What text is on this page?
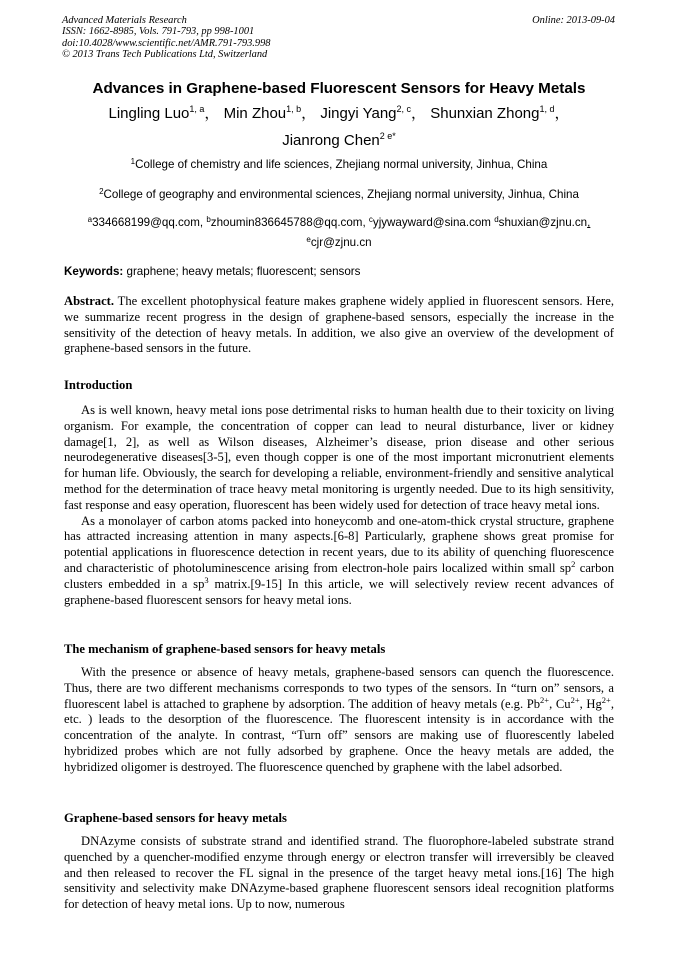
Advanced Materials Research
ISSN: 1662-8985, Vols. 791-793, pp 998-1001
doi:10.4028/www.scientific.net/AMR.791-793.998
© 2013 Trans Tech Publications Ltd, Switzerland
Online: 2013-09-04
Advances in Graphene-based Fluorescent Sensors for Heavy Metals
Lingling Luo$^{1, a}$， Min Zhou$^{1, b}$， Jingyi Yang$^{2, c}$， Shunxian Zhong$^{1, d}$，
Jianrong Chen$^{2 e*}$
$^1$College of chemistry and life sciences, Zhejiang normal university, Jinhua, China
$^2$College of geography and environmental sciences, Zhejiang normal university, Jinhua, China
$^a$334668199@qq.com, $^b$zhoumin836645788@qq.com, $^c$yjywayward@sina.com $^d$shuxian@zjnu.cn,
$^e$cjr@zjnu.cn
Keywords: graphene; heavy metals; fluorescent; sensors

Abstract. The excellent photophysical feature makes graphene widely applied in fluorescent sensors. Here, we summarize recent progress in the design of graphene-based sensors, especially the increase in the sensitivity of the detection of heavy metals. In addition, we also give an overview of the development of graphene-based sensors in the future.

Introduction

As is well known, heavy metal ions pose detrimental risks to human health due to their toxicity on living organism. For example, the concentration of copper can lead to neural disturbance, liver or kidney damage[1, 2], as well as Wilson diseases, Alzheimer’s disease, prion disease and other serious neurodegenerative diseases[3-5], even though copper is one of the most important micronutrient elements for human life. Obviously, the search for developing a reliable, environment-friendly and sensitive analytical method for the determination of trace heavy metal monitoring is urgently needed. Due to its high sensitivity, fast response and easy operation, fluorescent has been widely used for detection of trace heavy metal ions.

As a monolayer of carbon atoms packed into honeycomb and one-atom-thick crystal structure, graphene has attracted increasing attention in many aspects.[6-8] Particularly, graphene shows great promise for potential applications in fluorescence detection in recent years, due to its ability of quenching fluorescence and characteristic of photoluminescence arising from electron-hole pairs localized within small $sp^2$ carbon clusters embedded in a $sp^3$ matrix.[9-15] In this article, we will selectively review recent advances of graphene-based fluorescent sensors for heavy metal ions.

The mechanism of graphene-based sensors for heavy metals

With the presence or absence of heavy metals, graphene-based sensors can quench the fluorescence. Thus, there are two different mechanisms corresponds to two types of the sensors. In “turn on” sensors, a fluorescent label is attached to graphene by adsorption. The addition of heavy metals (e.g. $Pb^{2+}$, $Cu^{2+}$, $Hg^{2+}$, etc. ) leads to the desorption of the fluorescence. The fluorescent intensity is in accordance with the concentration of the analyte. In contrast, “Turn off” sensors are making use of fluorescently labeled hybridized probes which are not fully adsorbed by graphene. Once the heavy metals are added, the hybridized oligomer is destroyed. The fluorescence quenched by graphene with the label adsorbed.

Graphene-based sensors for heavy metals

DNAzyme consists of substrate strand and identified strand. The fluorophore-labeled substrate strand quenched by a quencher-modified enzyme through energy or electron transfer will irreversibly be cleaved and then released to recover the FL signal in the presence of the target heavy metal ions.[16] The high sensitivity and selectivity make DNAzyme-based graphene fluorescent sensors ideal recognition platforms for detection of heavy metal ions. Up to now, numerous
